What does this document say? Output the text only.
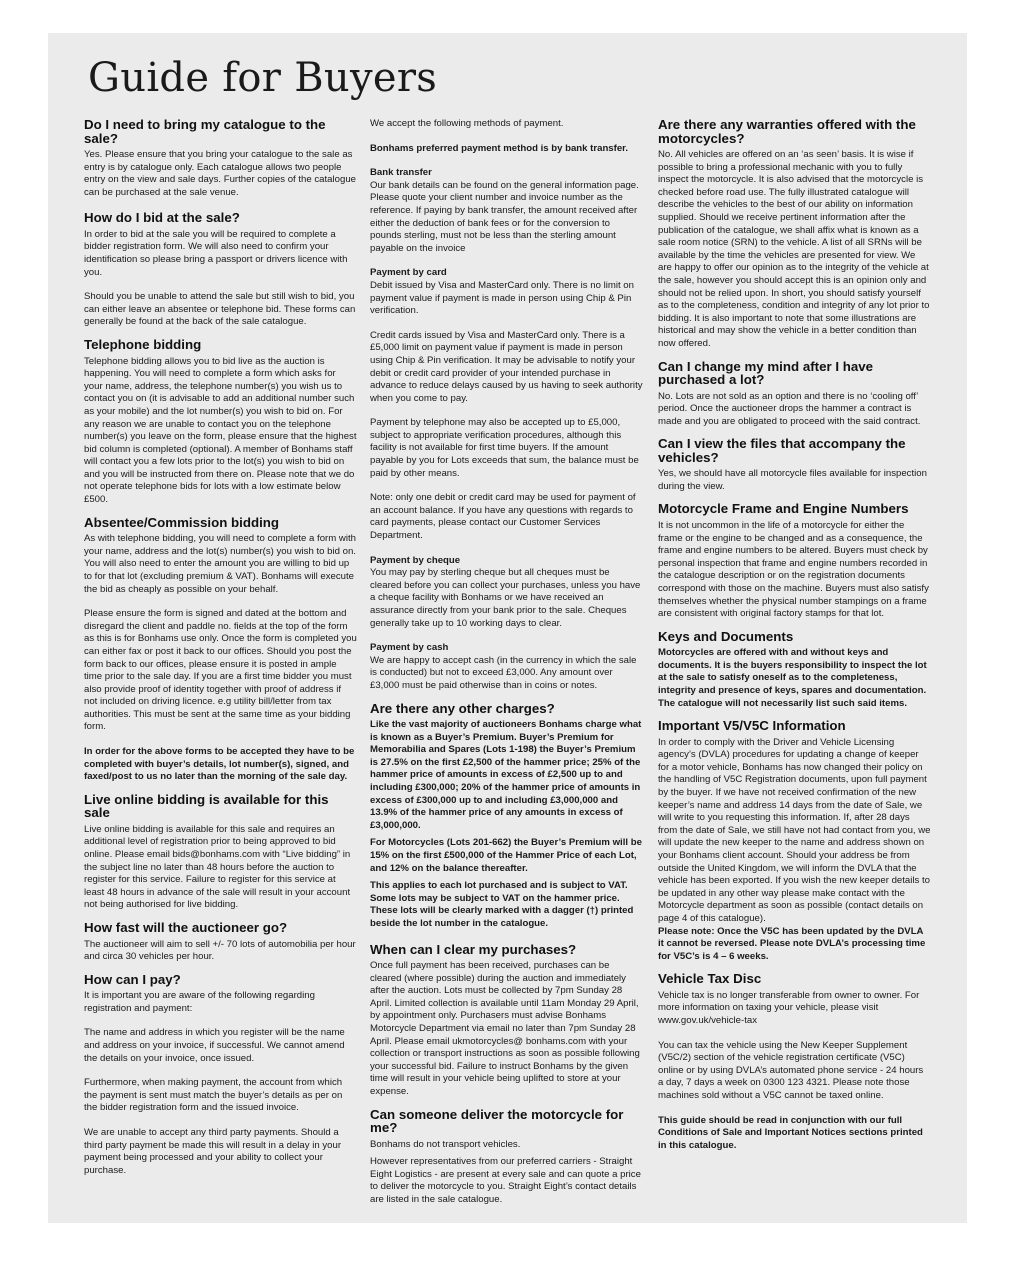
Guide for Buyers
Do I need to bring my catalogue to the sale?

Yes. Please ensure that you bring your catalogue to the sale as entry is by catalogue only. Each catalogue allows two people entry on the view and sale days. Further copies of the catalogue can be purchased at the sale venue.

How do I bid at the sale?

In order to bid at the sale you will be required to complete a bidder registration form. We will also need to confirm your identification so please bring a passport or drivers licence with you.

Should you be unable to attend the sale but still wish to bid, you can either leave an absentee or telephone bid. These forms can generally be found at the back of the sale catalogue.

Telephone bidding

Telephone bidding allows you to bid live as the auction is happening. You will need to complete a form which asks for your name, address, the telephone number(s) you wish us to contact you on (it is advisable to add an additional number such as your mobile) and the lot number(s) you wish to bid on. For any reason we are unable to contact you on the telephone number(s) you leave on the form, please ensure that the highest bid column is completed (optional). A member of Bonhams staff will contact you a few lots prior to the lot(s) you wish to bid on and you will be instructed from there on. Please note that we do not operate telephone bids for lots with a low estimate below £500.

Absentee/Commission bidding

As with telephone bidding, you will need to complete a form with your name, address and the lot(s) number(s) you wish to bid on. You will also need to enter the amount you are willing to bid up to for that lot (excluding premium & VAT). Bonhams will execute the bid as cheaply as possible on your behalf.

Please ensure the form is signed and dated at the bottom and disregard the client and paddle no. fields at the top of the form as this is for Bonhams use only. Once the form is completed you can either fax or post it back to our offices. Should you post the form back to our offices, please ensure it is posted in ample time prior to the sale day. If you are a first time bidder you must also provide proof of identity together with proof of address if not included on driving licence. e.g utility bill/letter from tax authorities. This must be sent at the same time as your bidding form.

In order for the above forms to be accepted they have to be completed with buyer’s details, lot number(s), signed, and faxed/post to us no later than the morning of the sale day.

Live online bidding is available for this sale

Live online bidding is available for this sale and requires an additional level of registration prior to being approved to bid online. Please email bids@bonhams.com with “Live bidding” in the subject line no later than 48 hours before the auction to register for this service. Failure to register for this service at least 48 hours in advance of the sale will result in your account not being authorised for live bidding.

How fast will the auctioneer go?

The auctioneer will aim to sell +/- 70 lots of automobilia per hour and circa 30 vehicles per hour.

How can I pay?

It is important you are aware of the following regarding registration and payment:

The name and address in which you register will be the name and address on your invoice, if successful. We cannot amend the details on your invoice, once issued.

Furthermore, when making payment, the account from which the payment is sent must match the buyer’s details as per on the bidder registration form and the issued invoice.

We are unable to accept any third party payments. Should a third party payment be made this will result in a delay in your payment being processed and your ability to collect your purchase.

We accept the following methods of payment.

Bonhams preferred payment method is by bank transfer.

Bank transfer

Our bank details can be found on the general information page. Please quote your client number and invoice number as the reference. If paying by bank transfer, the amount received after either the deduction of bank fees or for the conversion to pounds sterling, must not be less than the sterling amount payable on the invoice

Payment by card

Debit issued by Visa and MasterCard only. There is no limit on payment value if payment is made in person using Chip & Pin verification.

Credit cards issued by Visa and MasterCard only. There is a £5,000 limit on payment value if payment is made in person using Chip & Pin verification. It may be advisable to notify your debit or credit card provider of your intended purchase in advance to reduce delays caused by us having to seek authority when you come to pay.

Payment by telephone may also be accepted up to £5,000, subject to appropriate verification procedures, although this facility is not available for first time buyers. If the amount payable by you for Lots exceeds that sum, the balance must be paid by other means.

Note: only one debit or credit card may be used for payment of an account balance. If you have any questions with regards to card payments, please contact our Customer Services Department.

Payment by cheque

You may pay by sterling cheque but all cheques must be cleared before you can collect your purchases, unless you have a cheque facility with Bonhams or we have received an assurance directly from your bank prior to the sale. Cheques generally take up to 10 working days to clear.

Payment by cash

We are happy to accept cash (in the currency in which the sale is conducted) but not to exceed £3,000. Any amount over £3,000 must be paid otherwise than in coins or notes.

Are there any other charges?

Like the vast majority of auctioneers Bonhams charge what is known as a Buyer’s Premium. Buyer’s Premium for Memorabilia and Spares (Lots 1-198) the Buyer’s Premium is 27.5% on the first £2,500 of the hammer price; 25% of the hammer price of amounts in excess of £2,500 up to and including £300,000; 20% of the hammer price of amounts in excess of £300,000 up to and including £3,000,000 and 13.9% of the hammer price of any amounts in excess of £3,000,000.

For Motorcycles (Lots 201-662) the Buyer’s Premium will be 15% on the first £500,000 of the Hammer Price of each Lot, and 12% on the balance thereafter.

This applies to each lot purchased and is subject to VAT. Some lots may be subject to VAT on the hammer price. These lots will be clearly marked with a dagger (†) printed beside the lot number in the catalogue.

When can I clear my purchases?

Once full payment has been received, purchases can be cleared (where possible) during the auction and immediately after the auction. Lots must be collected by 7pm Sunday 28 April. Limited collection is available until 11am Monday 29 April, by appointment only. Purchasers must advise Bonhams Motorcycle Department via email no later than 7pm Sunday 28 April. Please email ukmotorcycles@ bonhams.com with your collection or transport instructions as soon as possible following your successful bid. Failure to instruct Bonhams by the given time will result in your vehicle being uplifted to store at your expense.

Can someone deliver the motorcycle for me?

Bonhams do not transport vehicles.

However representatives from our preferred carriers - Straight Eight Logistics - are present at every sale and can quote a price to deliver the motorcycle to you. Straight Eight’s contact details are listed in the sale catalogue.

Are there any warranties offered with the motorcycles?

No. All vehicles are offered on an ‘as seen’ basis. It is wise if possible to bring a professional mechanic with you to fully inspect the motorcycle. It is also advised that the motorcycle is checked before road use. The fully illustrated catalogue will describe the vehicles to the best of our ability on information supplied. Should we receive pertinent information after the publication of the catalogue, we shall affix what is known as a sale room notice (SRN) to the vehicle. A list of all SRNs will be available by the time the vehicles are presented for view. We are happy to offer our opinion as to the integrity of the vehicle at the sale, however you should accept this is an opinion only and should not be relied upon. In short, you should satisfy yourself as to the completeness, condition and integrity of any lot prior to bidding. It is also important to note that some illustrations are historical and may show the vehicle in a better condition than now offered.

Can I change my mind after I have purchased a lot?

No. Lots are not sold as an option and there is no ‘cooling off’ period. Once the auctioneer drops the hammer a contract is made and you are obligated to proceed with the said contract.

Can I view the files that accompany the vehicles?

Yes, we should have all motorcycle files available for inspection during the view.

Motorcycle Frame and Engine Numbers

It is not uncommon in the life of a motorcycle for either the frame or the engine to be changed and as a consequence, the frame and engine numbers to be altered. Buyers must check by personal inspection that frame and engine numbers recorded in the catalogue description or on the registration documents correspond with those on the machine. Buyers must also satisfy themselves whether the physical number stampings on a frame are consistent with original factory stamps for that lot.

Keys and Documents

Motorcycles are offered with and without keys and documents. It is the buyers responsibility to inspect the lot at the sale to satisfy oneself as to the completeness, integrity and presence of keys, spares and documentation. The catalogue will not necessarily list such said items.

Important V5/V5C Information

In order to comply with the Driver and Vehicle Licensing agency’s (DVLA) procedures for updating a change of keeper for a motor vehicle, Bonhams has now changed their policy on the handling of V5C Registration documents, upon full payment by the buyer. If we have not received confirmation of the new keeper’s name and address 14 days from the date of Sale, we will write to you requesting this information. If, after 28 days from the date of Sale, we still have not had contact from you, we will update the new keeper to the name and address shown on your Bonhams client account. Should your address be from outside the United Kingdom, we will inform the DVLA that the vehicle has been exported. If you wish the new keeper details to be updated in any other way please make contact with the Motorcycle department as soon as possible (contact details on page 4 of this catalogue).

Please note: Once the V5C has been updated by the DVLA it cannot be reversed. Please note DVLA’s processing time for V5C’s is 4 – 6 weeks.

Vehicle Tax Disc

Vehicle tax is no longer transferable from owner to owner. For more information on taxing your vehicle, please visit www.gov.uk/vehicle-tax

You can tax the vehicle using the New Keeper Supplement (V5C/2) section of the vehicle registration certificate (V5C) online or by using DVLA’s automated phone service - 24 hours a day, 7 days a week on 0300 123 4321. Please note those machines sold without a V5C cannot be taxed online.

This guide should be read in conjunction with our full Conditions of Sale and Important Notices sections printed in this catalogue.
